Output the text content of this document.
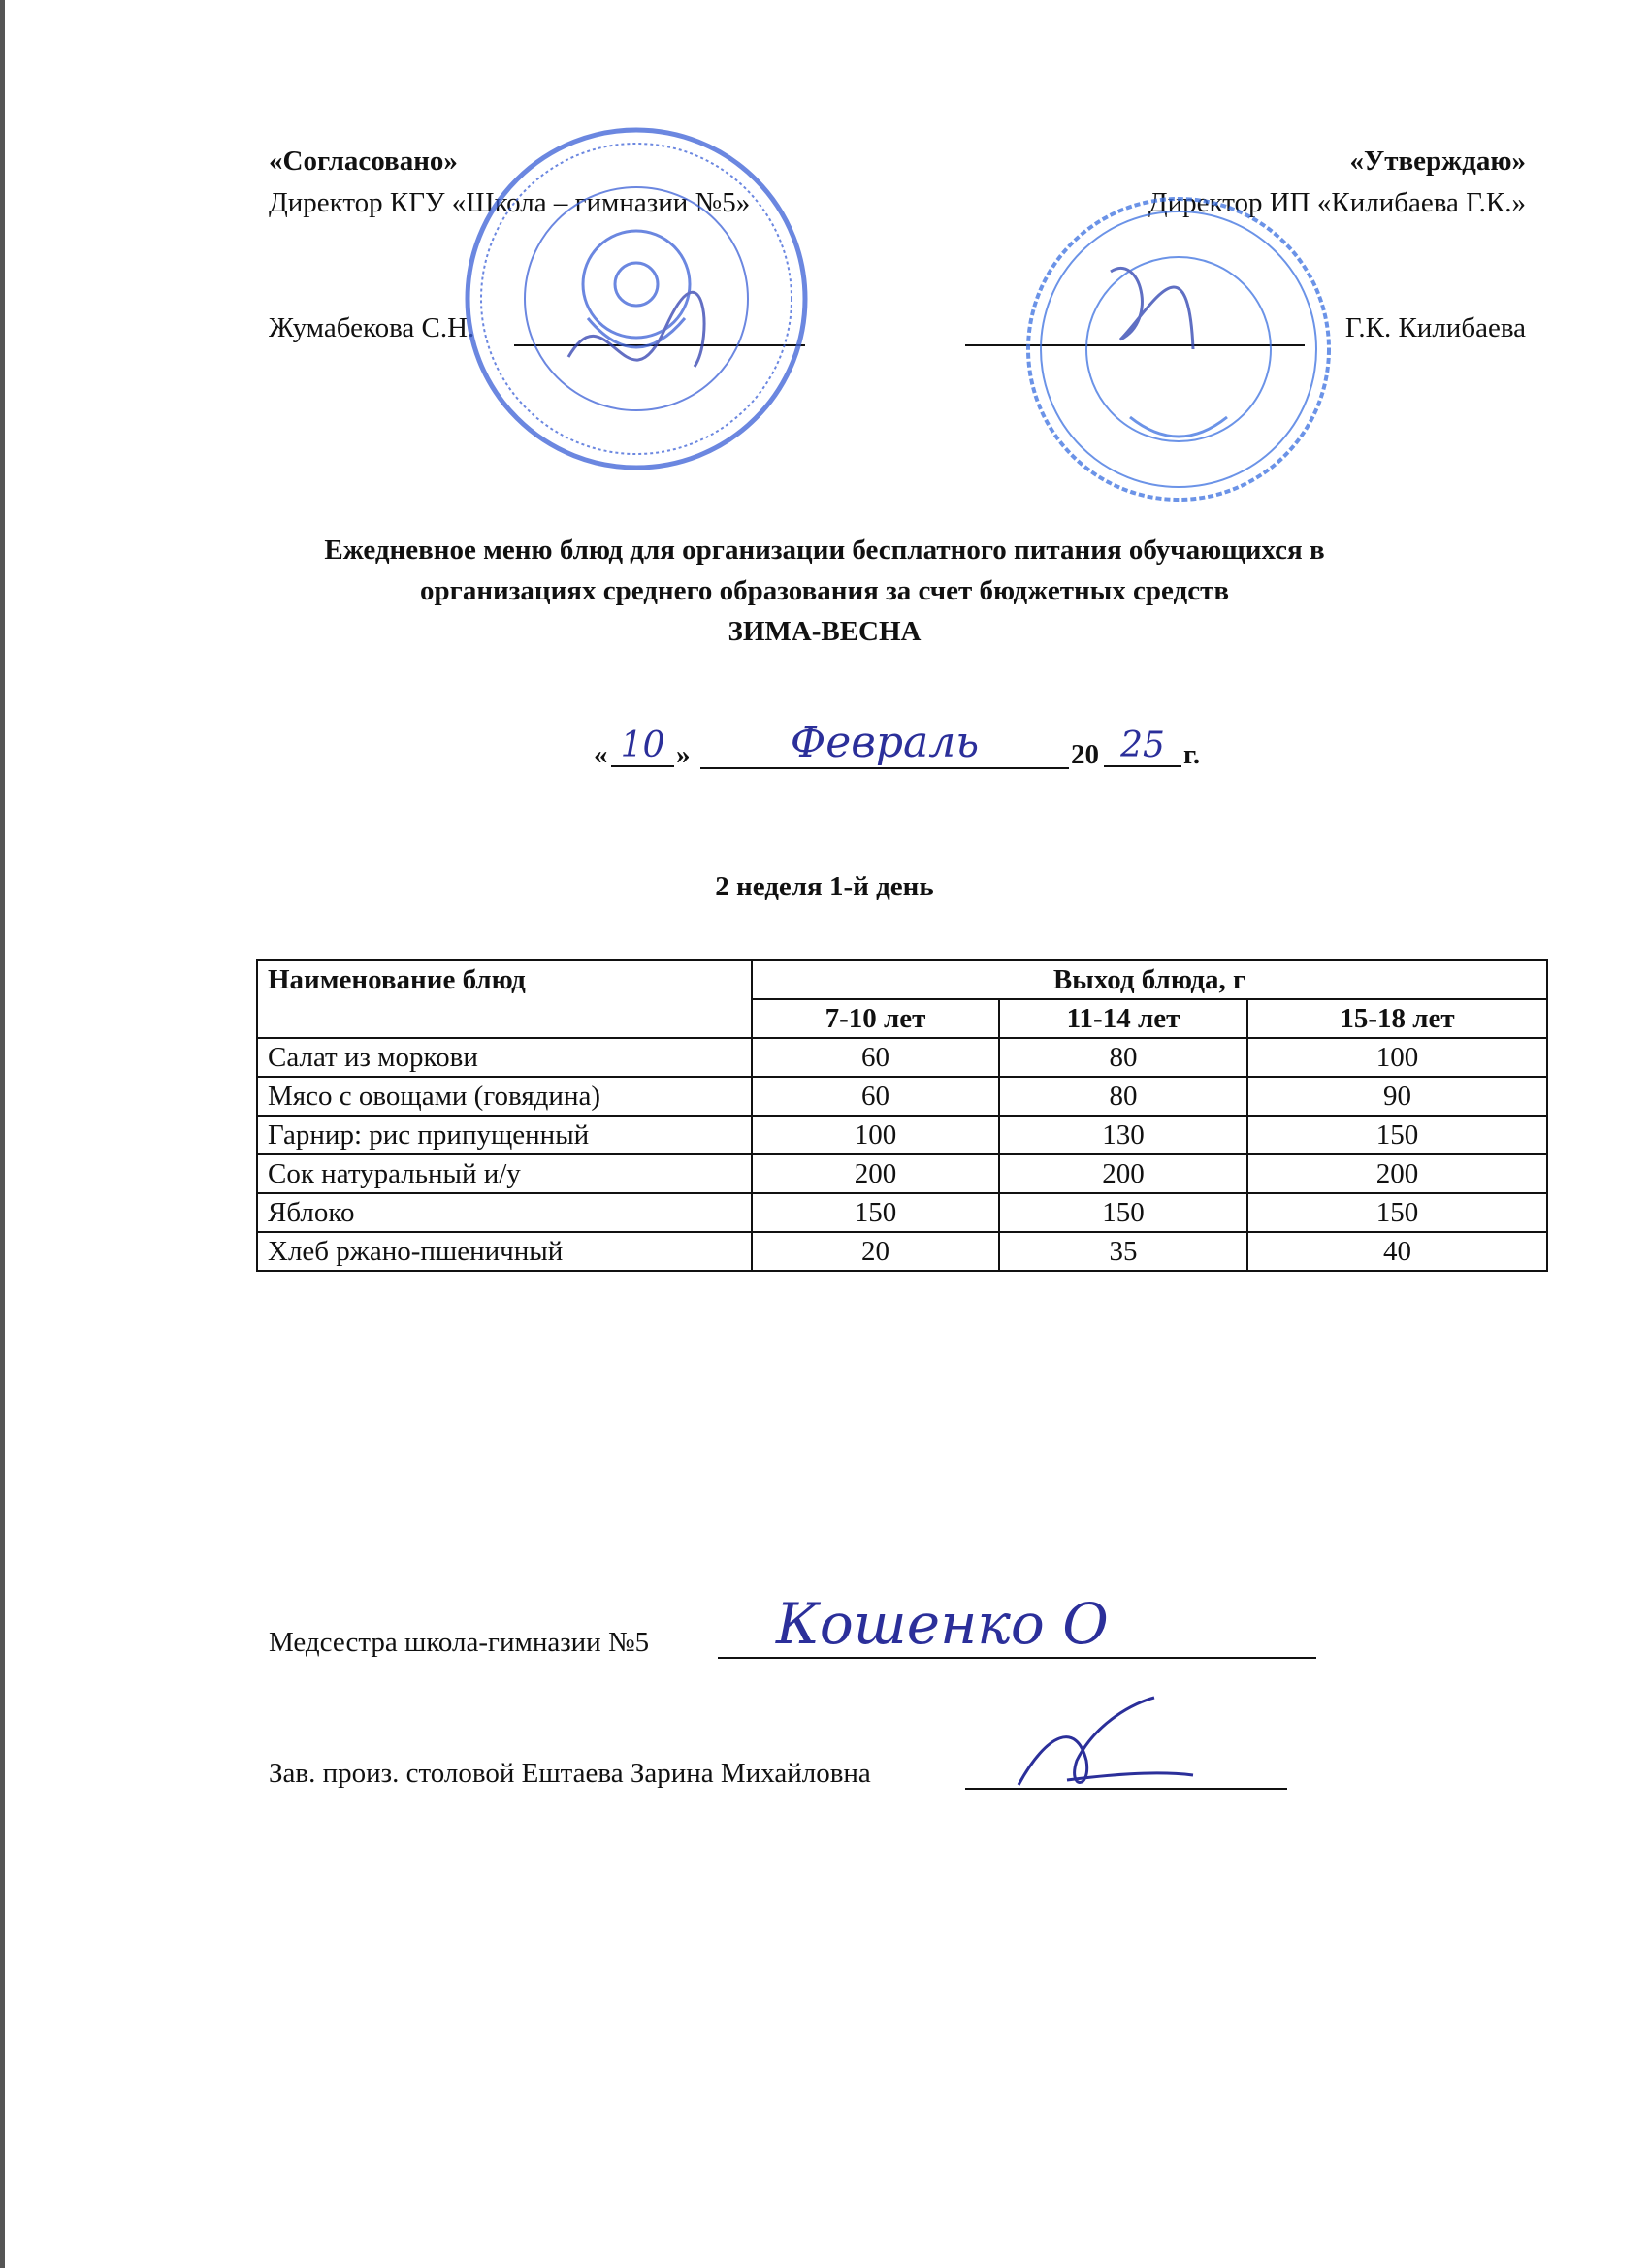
«Согласовано»
Директор КГУ «Школа – гимназии №5»
Жумабекова С.Н.
«Утверждаю»
Директор ИП «Килибаева Г.К.»
Г.К. Килибаева
Ежедневное меню блюд для организации бесплатного питания обучающихся в
организациях среднего образования за счет бюджетных средств
ЗИМА-ВЕСНА
« 10 »	Февраль	20 25 г.
2 неделя 1-й день
Наименование блюд	Выход блюда, г		
	7-10 лет	11-14 лет	15-18 лет
Салат из моркови	60	80	100
Мясо с овощами (говядина)	60	80	90
Гарнир: рис припущенный	100	130	150
Сок натуральный и/у	200	200	200
Яблоко	150	150	150
Хлеб ржано-пшеничный	20	35	40
Медсестра школа-гимназии №5 Кошенко О
Зав. произ. столовой Ештаева Зарина Михайловна
